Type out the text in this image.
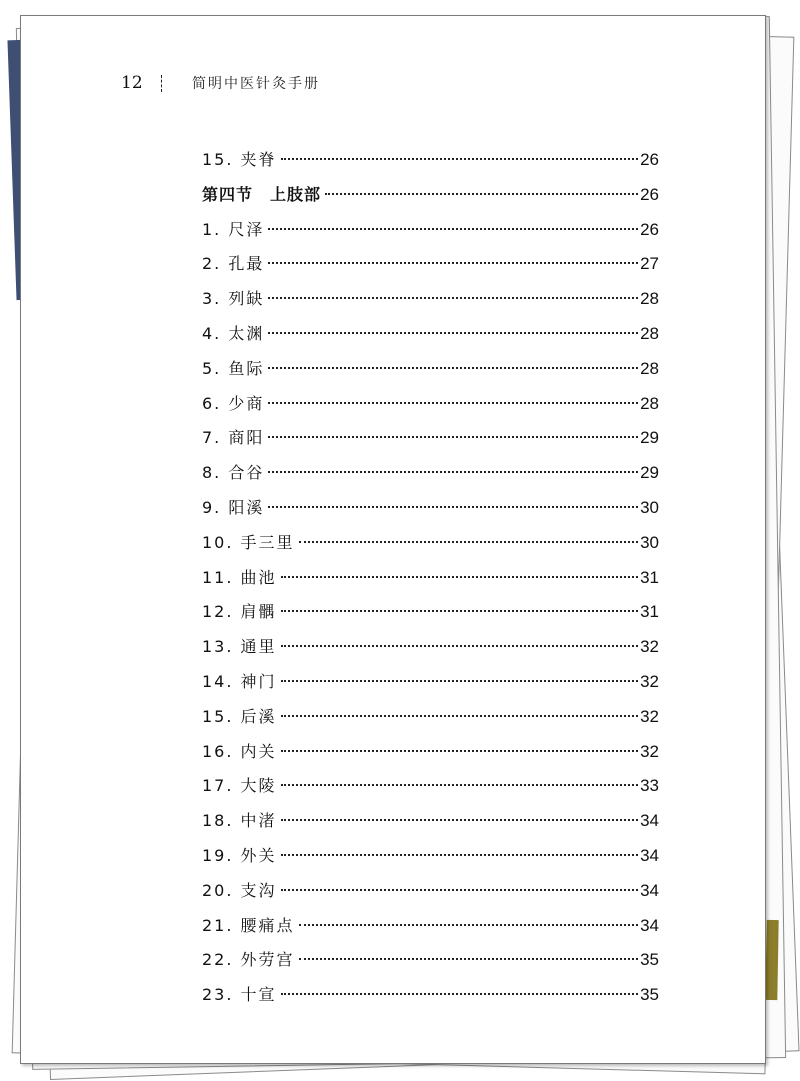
12	简明中医针灸手册
15. 夹脊	26
第四节　上肢部	26
1. 尺泽	26
2. 孔最	27
3. 列缺	28
4. 太渊	28
5. 鱼际	28
6. 少商	28
7. 商阳	29
8. 合谷	29
9. 阳溪	30
10. 手三里	30
11. 曲池	31
12. 肩髃	31
13. 通里	32
14. 神门	32
15. 后溪	32
16. 内关	32
17. 大陵	33
18. 中渚	34
19. 外关	34
20. 支沟	34
21. 腰痛点	34
22. 外劳宫	35
23. 十宣	35
